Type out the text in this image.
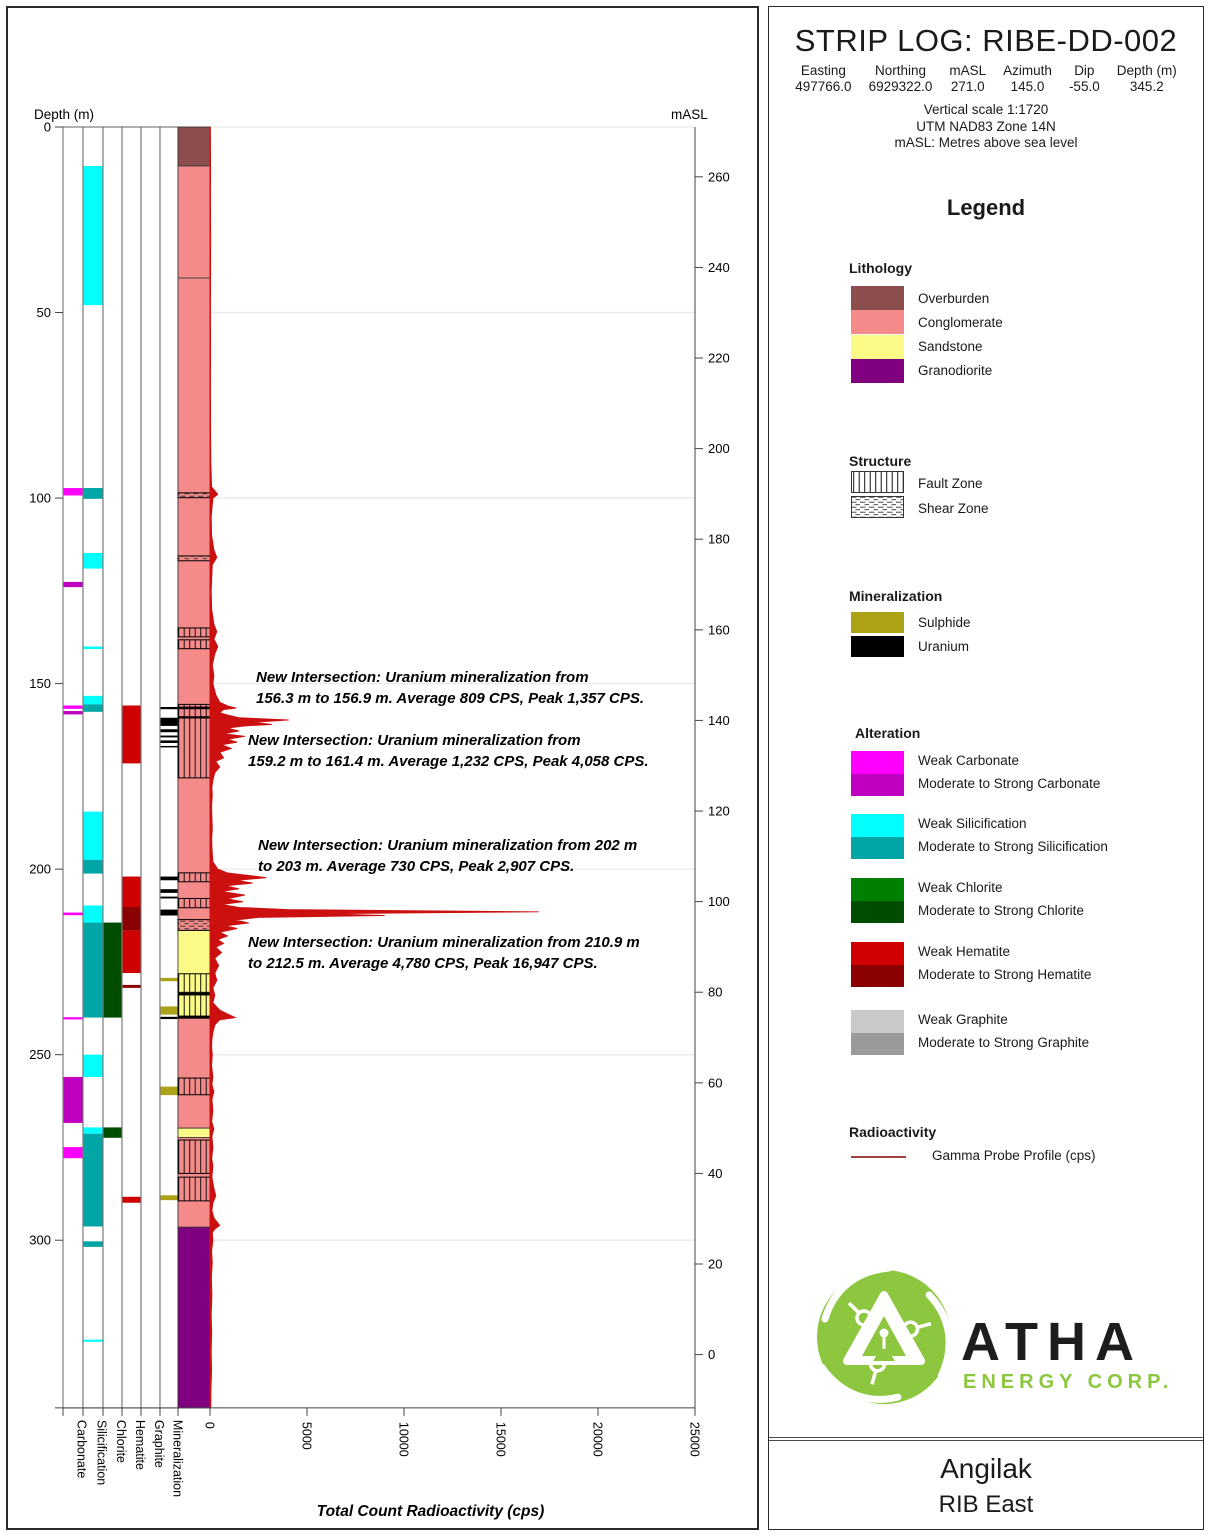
0
50
100
150
200
250
300
260
240
220
200
180
160
140
120
100
80
60
40
20
0
0	5000	10000	15000	20000	25000
Carbonate Silicification Chlorite Hematite Graphite Mineralization
Depth (m)	mASL
Total Count Radioactivity (cps)
New Intersection: Uranium mineralization from 156.3 m to 156.9 m. Average 809 CPS, Peak 1,357 CPS.
New Intersection: Uranium mineralization from 159.2 m to 161.4 m. Average 1,232 CPS, Peak 4,058 CPS.
New Intersection: Uranium mineralization from 202 m to 203 m. Average 730 CPS, Peak 2,907 CPS.
New Intersection: Uranium mineralization from 210.9 m to 212.5 m. Average 4,780 CPS, Peak 16,947 CPS.
STRIP LOG: RIBE-DD-002
Easting
497766.0
Northing
6929322.0
mASL
271.0
Azimuth
145.0
Dip
-55.0
Depth (m)
345.2
Vertical scale 1:1720
UTM NAD83 Zone 14N
mASL: Metres above sea level
Legend
Lithology
Structure
Mineralization
Alteration
Radioactivity
Gamma Probe Profile (cps)
ATHA
ENERGY CORP.
Angilak
RIB East
Overburden
Conglomerate
Sandstone
Granodiorite
Fault Zone
Shear Zone
Sulphide
Uranium
Weak Carbonate
Moderate to Strong Carbonate
Weak Silicification
Moderate to Strong Silicification
Weak Chlorite
Moderate to Strong Chlorite
Weak Hematite
Moderate to Strong Hematite
Weak Graphite
Moderate to Strong Graphite
